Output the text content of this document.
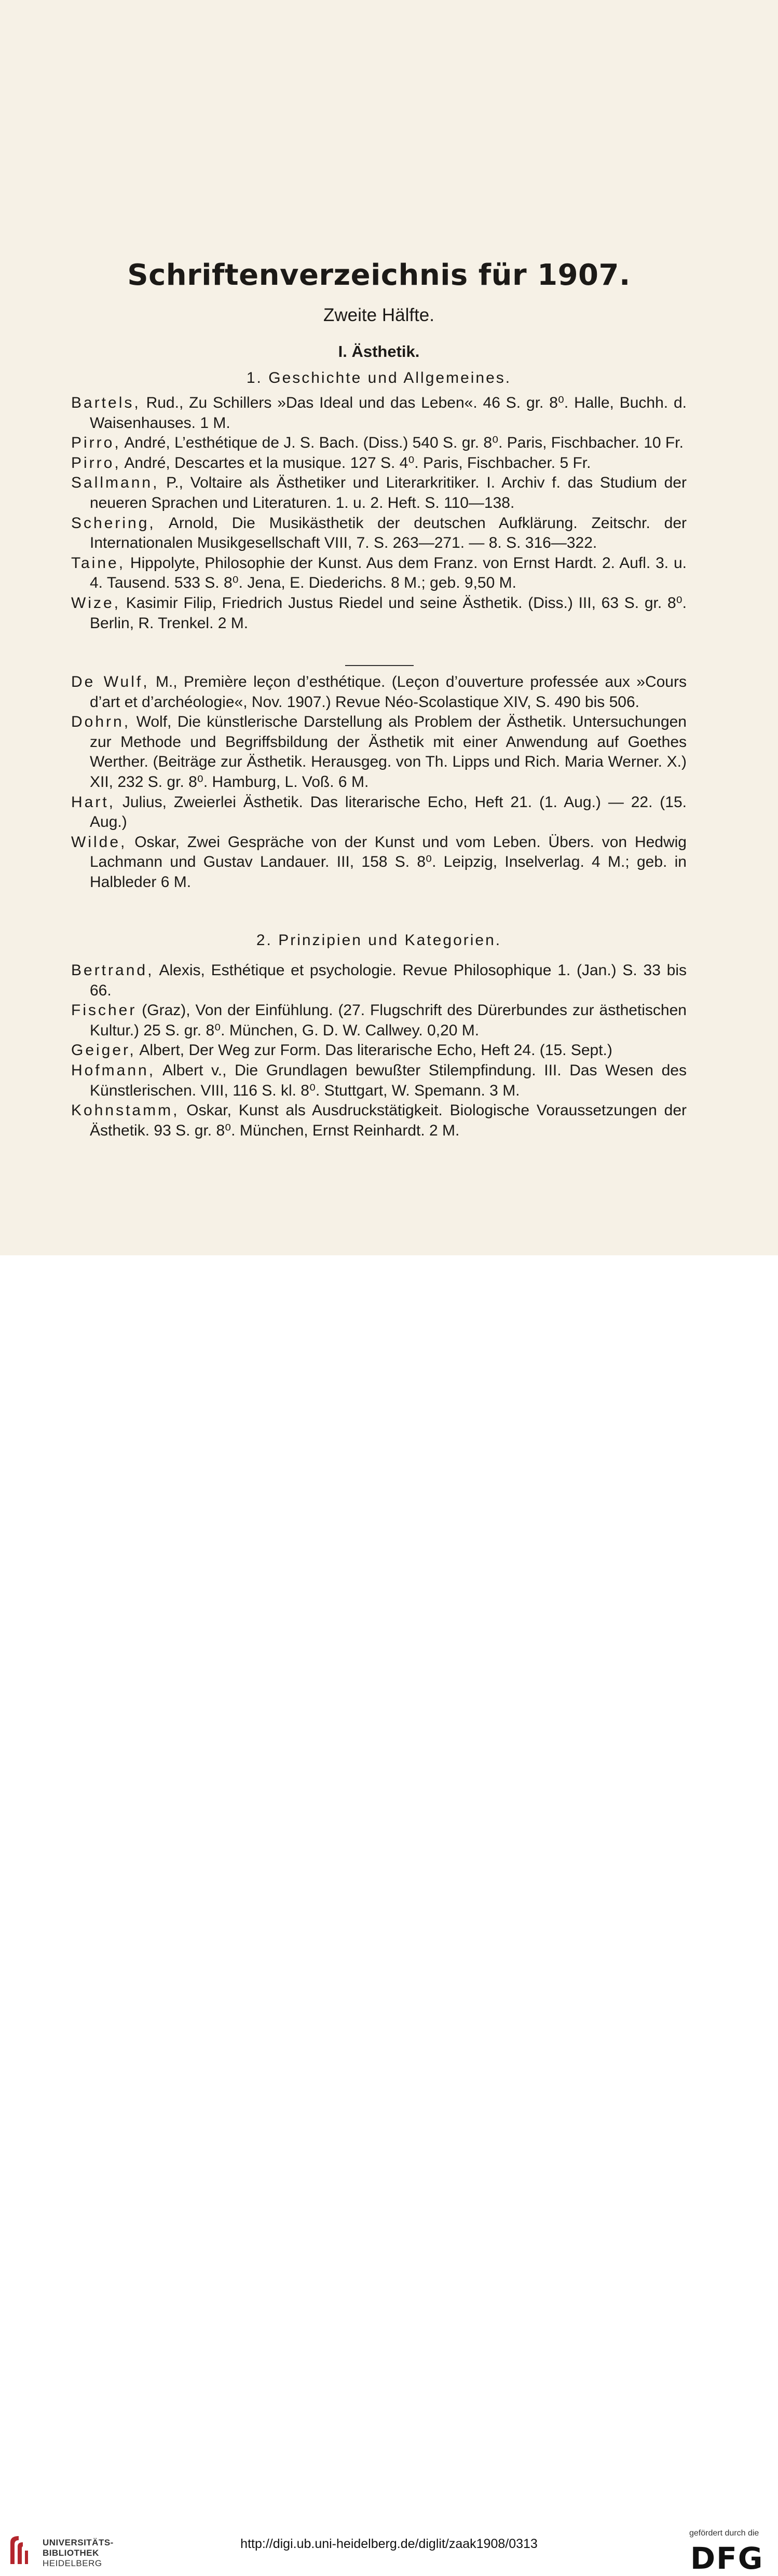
Schriftenverzeichnis für 1907.
Zweite Hälfte.
I. Ästhetik.
1. Geschichte und Allgemeines.
Bartels, Rud., Zu Schillers »Das Ideal und das Leben«. 46 S. gr. 8⁰. Halle, Buchh. d. Waisenhauses. 1 M.
Pirro, André, L’esthétique de J. S. Bach. (Diss.) 540 S. gr. 8⁰. Paris, Fischbacher. 10 Fr.
Pirro, André, Descartes et la musique. 127 S. 4⁰. Paris, Fischbacher. 5 Fr.
Sallmann, P., Voltaire als Ästhetiker und Literarkritiker. I. Archiv f. das Studium der neueren Sprachen und Literaturen. 1. u. 2. Heft. S. 110—138.
Schering, Arnold, Die Musikästhetik der deutschen Aufklärung. Zeitschr. der Internationalen Musikgesellschaft VIII, 7. S. 263—271. — 8. S. 316—322.
Taine, Hippolyte, Philosophie der Kunst. Aus dem Franz. von Ernst Hardt. 2. Aufl. 3. u. 4. Tausend. 533 S. 8⁰. Jena, E. Diederichs. 8 M.; geb. 9,50 M.
Wize, Kasimir Filip, Friedrich Justus Riedel und seine Ästhetik. (Diss.) III, 63 S. gr. 8⁰. Berlin, R. Trenkel. 2 M.
De Wulf, M., Première leçon d’esthétique. (Leçon d’ouverture professée aux »Cours d’art et d’archéologie«, Nov. 1907.) Revue Néo-Scolastique XIV, S. 490 bis 506.
Dohrn, Wolf, Die künstlerische Darstellung als Problem der Ästhetik. Untersuchungen zur Methode und Begriffsbildung der Ästhetik mit einer Anwendung auf Goethes Werther. (Beiträge zur Ästhetik. Herausgeg. von Th. Lipps und Rich. Maria Werner. X.) XII, 232 S. gr. 8⁰. Hamburg, L. Voß. 6 M.
Hart, Julius, Zweierlei Ästhetik. Das literarische Echo, Heft 21. (1. Aug.) — 22. (15. Aug.)
Wilde, Oskar, Zwei Gespräche von der Kunst und vom Leben. Übers. von Hedwig Lachmann und Gustav Landauer. III, 158 S. 8⁰. Leipzig, Inselverlag. 4 M.; geb. in Halbleder 6 M.
2. Prinzipien und Kategorien.
Bertrand, Alexis, Esthétique et psychologie. Revue Philosophique 1. (Jan.) S. 33 bis 66.
Fischer (Graz), Von der Einfühlung. (27. Flugschrift des Dürerbundes zur ästhetischen Kultur.) 25 S. gr. 8⁰. München, G. D. W. Callwey. 0,20 M.
Geiger, Albert, Der Weg zur Form. Das literarische Echo, Heft 24. (15. Sept.)
Hofmann, Albert v., Die Grundlagen bewußter Stilempfindung. III. Das Wesen des Künstlerischen. VIII, 116 S. kl. 8⁰. Stuttgart, W. Spemann. 3 M.
Kohnstamm, Oskar, Kunst als Ausdruckstätigkeit. Biologische Voraussetzungen der Ästhetik. 93 S. gr. 8⁰. München, Ernst Reinhardt. 2 M.
UNIVERSITÄTS-
BIBLIOTHEK
HEIDELBERG
http://digi.ub.uni-heidelberg.de/diglit/zaak1908/0313
gefördert durch die
DFG
